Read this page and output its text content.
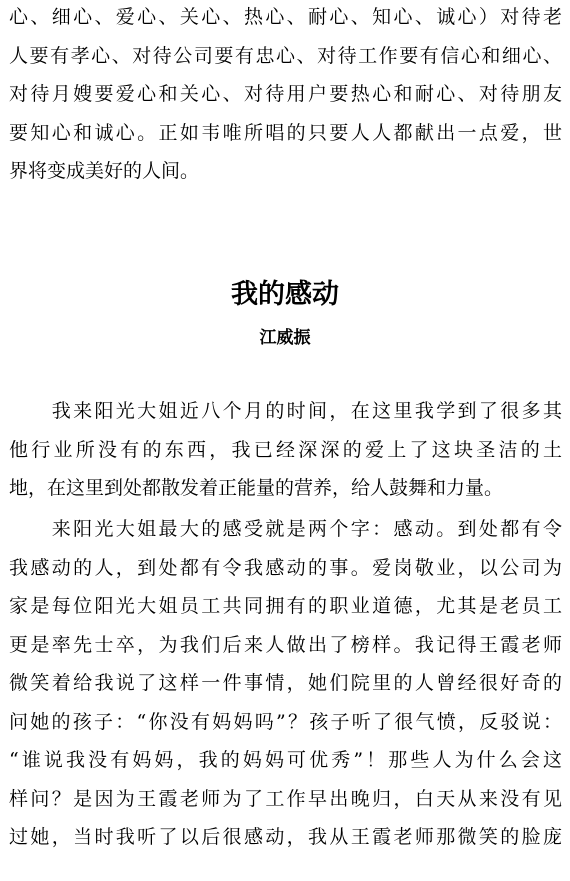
心、细心、爱心、关心、热心、耐心、知心、诚心）对待老
人要有孝心、对待公司要有忠心、对待工作要有信心和细心、
对待月嫂要爱心和关心、对待用户要热心和耐心、对待朋友
要知心和诚心。正如韦唯所唱的只要人人都献出一点爱，世
界将变成美好的人间。
我的感动
江威振
　　我来阳光大姐近八个月的时间，在这里我学到了很多其
他行业所没有的东西，我已经深深的爱上了这块圣洁的土
地，在这里到处都散发着正能量的营养，给人鼓舞和力量。
　　来阳光大姐最大的感受就是两个字：感动。到处都有令
我感动的人，到处都有令我感动的事。爱岗敬业，以公司为
家是每位阳光大姐员工共同拥有的职业道德，尤其是老员工
更是率先士卒，为我们后来人做出了榜样。我记得王霞老师
微笑着给我说了这样一件事情，她们院里的人曾经很好奇的
问她的孩子：“你没有妈妈吗”？孩子听了很气愤，反驳说：
“谁说我没有妈妈，我的妈妈可优秀”！那些人为什么会这
样问？是因为王霞老师为了工作早出晚归，白天从来没有见
过她，当时我听了以后很感动，我从王霞老师那微笑的脸庞
